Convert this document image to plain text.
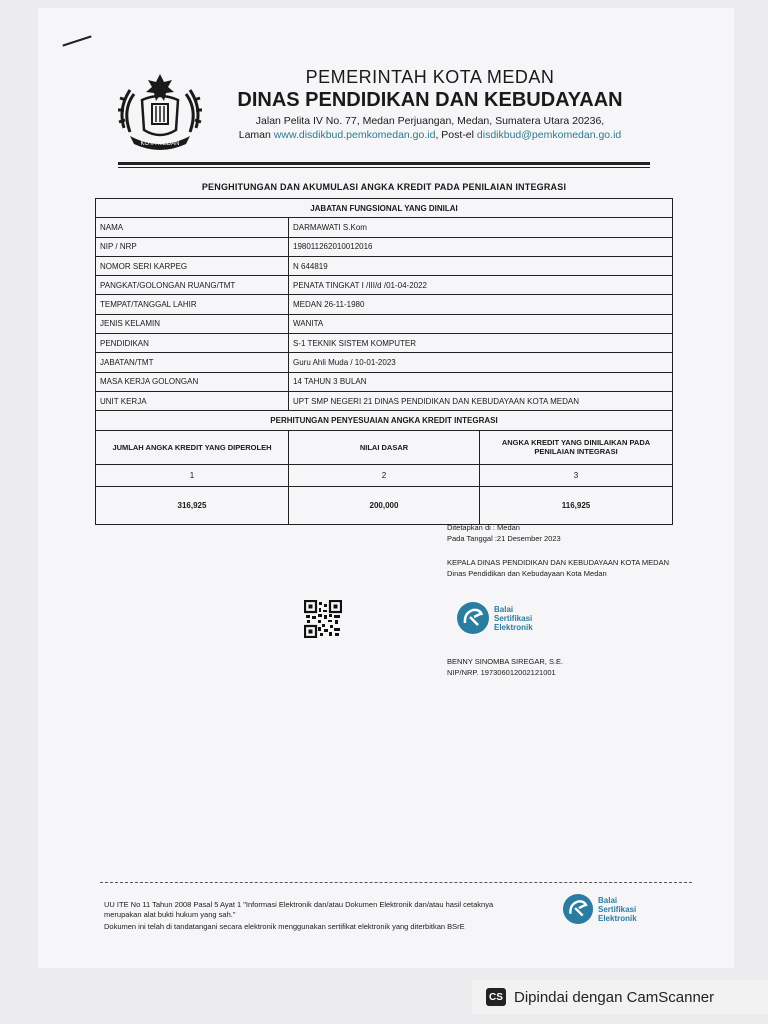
KOTA MEDAN
PEMERINTAH KOTA MEDAN
DINAS PENDIDIKAN DAN KEBUDAYAAN
Jalan Pelita IV No. 77, Medan Perjuangan, Medan, Sumatera Utara 20236,
Laman www.disdikbud.pemkomedan.go.id, Post-el disdikbud@pemkomedan.go.id
PENGHITUNGAN DAN AKUMULASI ANGKA KREDIT PADA PENILAIAN INTEGRASI
JABATAN FUNGSIONAL YANG DINILAI		
NAMA	DARMAWATI S.Kom	
NIP / NRP	198011262010012016	
NOMOR SERI KARPEG	N 644819	
PANGKAT/GOLONGAN RUANG/TMT	PENATA TINGKAT I /III/d /01-04-2022	
TEMPAT/TANGGAL LAHIR	MEDAN 26-11-1980	
JENIS KELAMIN	WANITA	
PENDIDIKAN	S-1 TEKNIK SISTEM KOMPUTER	
JABATAN/TMT	Guru Ahli Muda / 10-01-2023	
MASA KERJA GOLONGAN	14 TAHUN 3 BULAN	
UNIT KERJA	UPT SMP NEGERI 21 DINAS PENDIDIKAN DAN KEBUDAYAAN KOTA MEDAN	
PERHITUNGAN PENYESUAIAN ANGKA KREDIT INTEGRASI		
JUMLAH ANGKA KREDIT YANG DIPEROLEH	NILAI DASAR	ANGKA KREDIT YANG DINILAIKAN PADA PENILAIAN INTEGRASI
1	2	3
316,925	200,000	116,925
Ditetapkan di : Medan
Pada Tanggal :21 Desember 2023
KEPALA DINAS PENDIDIKAN DAN KEBUDAYAAN KOTA MEDAN
Dinas Pendidikan dan Kebudayaan Kota Medan
Balai
Sertifikasi
Elektronik
BENNY SINOMBA SIREGAR, S.E.
NIP/NRP. 197306012002121001
UU ITE No 11 Tahun 2008 Pasal 5 Ayat 1 "Informasi Elektronik dan/atau Dokumen Elektronik dan/atau hasil cetaknya
merupakan alat bukti hukum yang sah."
Dokumen ini telah di tandatangani secara elektronik menggunakan sertifikat elektronik yang diterbitkan BSrE
Balai
Sertifikasi
Elektronik
CS Dipindai dengan CamScanner
